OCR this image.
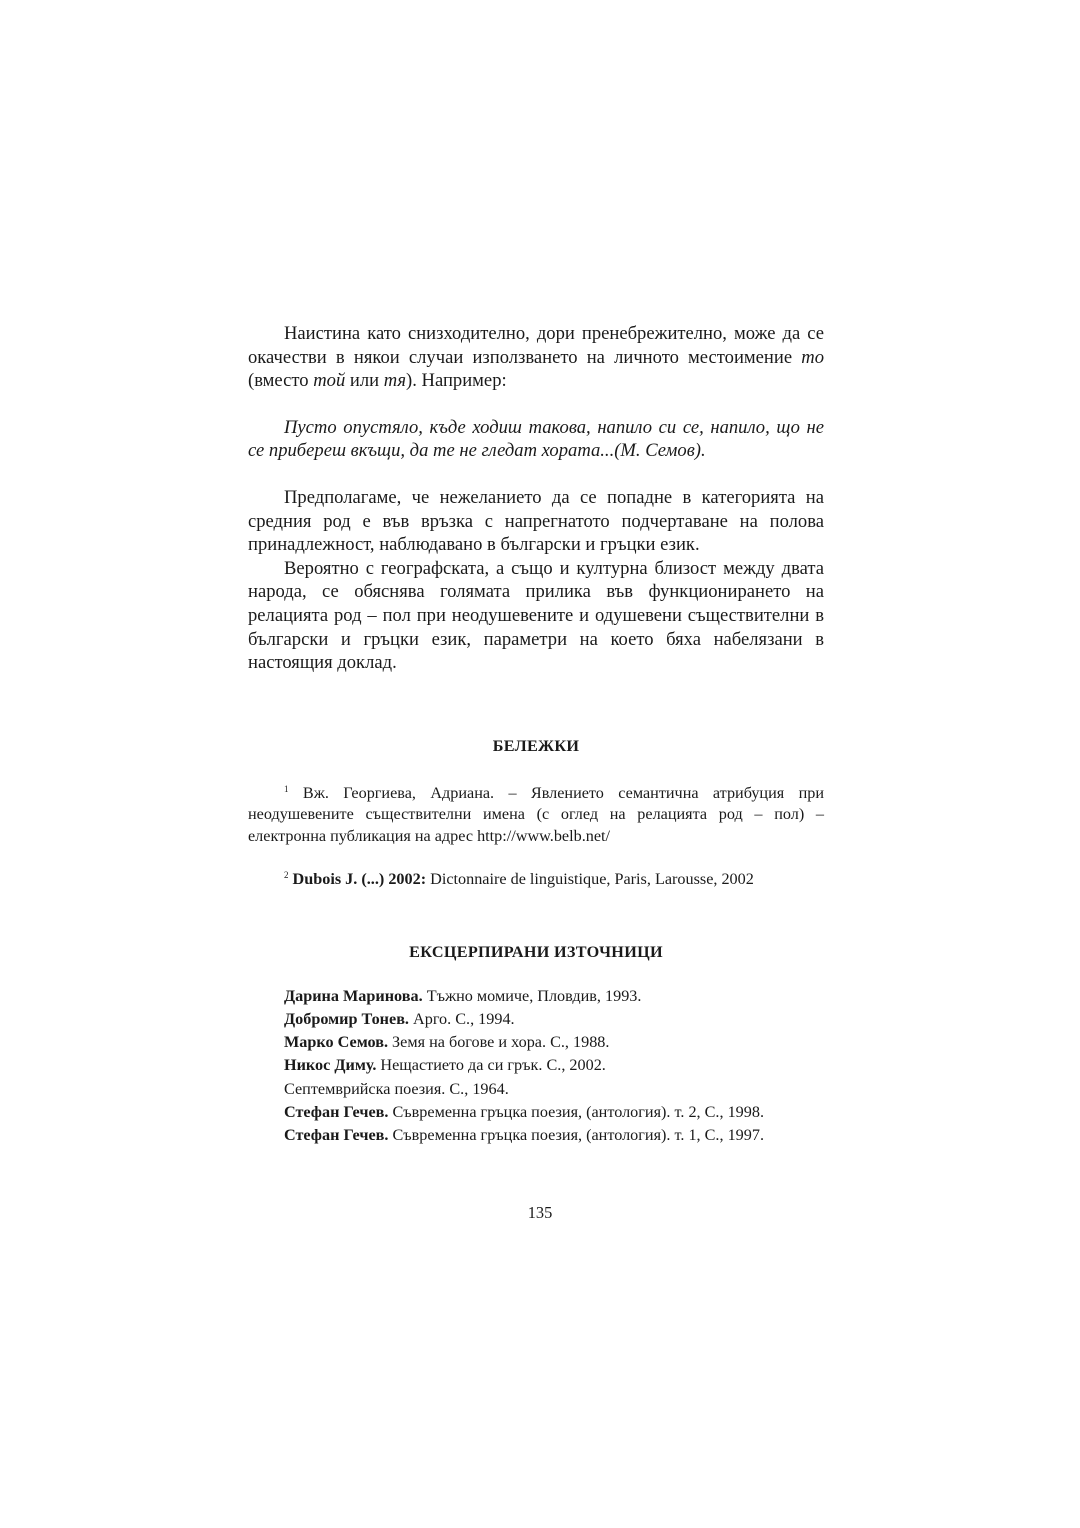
Наистина като снизходително, дори пренебрежително, може да се окачестви в някои случаи използването на личното местоимение то (вместо той или тя). Например:

Пусто опустяло, къде ходиш такова, напило си се, напило, що не се прибереш вкъщи, да те не гледат хората...(М. Семов).

Предполагаме, че нежеланието да се попадне в категорията на средния род е във връзка с напрегнатото подчертаване на полова принадлежност, наблюдавано в български и гръцки език.

Вероятно с географската, а също и културна близост между двата народа, се обяснява голямата прилика във функционирането на релацията род – пол при неодушевените и одушевени съществителни в български и гръцки език, параметри на което бяха набелязани в настоящия доклад.

БЕЛЕЖКИ

$^1$ Вж. Георгиева, Адриана. – Явлението семантична атрибуция при неодушевените съществителни имена (с оглед на релацията род – пол) – електронна публикация на адрес http://www.belb.net/

$^2$ Dubois J. (...) 2002: Dictonnaire de linguistique, Paris, Larousse, 2002

ЕКСЦЕРПИРАНИ ИЗТОЧНИЦИ

Дарина Маринова. Тъжно момиче, Пловдив, 1993.
Добромир Тонев. Арго. С., 1994.
Марко Семов. Земя на богове и хора. С., 1988.
Никос Диму. Нещастието да си грък. С., 2002.
Септемврийска поезия. С., 1964.
Стефан Гечев. Съвременна гръцка поезия, (антология). т. 2, С., 1998.
Стефан Гечев. Съвременна гръцка поезия, (антология). т. 1, С., 1997.
135
